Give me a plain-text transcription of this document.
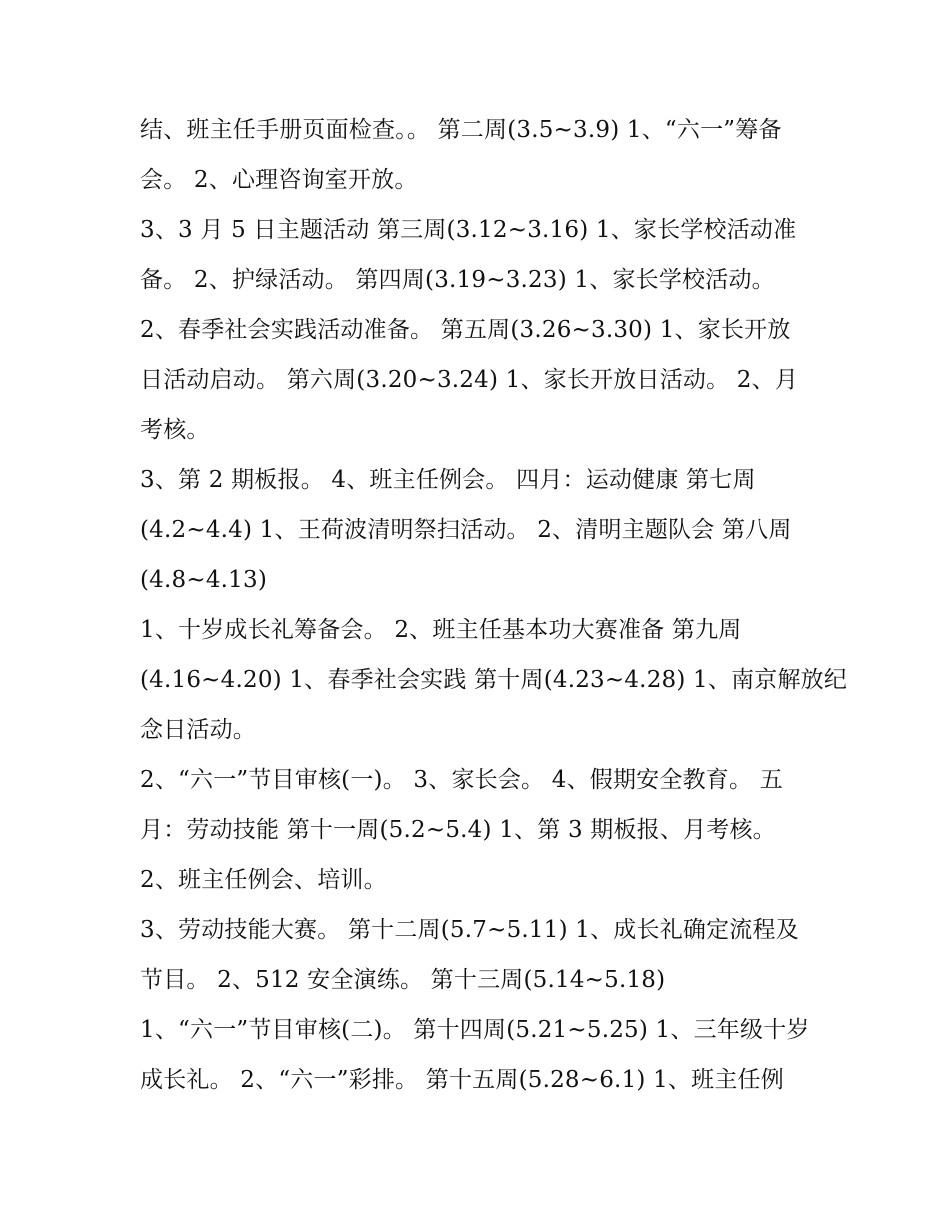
结、班主任手册页面检查。。 第二周(3.5~3.9) 1、“六一”筹备
会。 2、心理咨询室开放。
3、3 月 5 日主题活动 第三周(3.12~3.16) 1、家长学校活动准
备。 2、护绿活动。 第四周(3.19~3.23) 1、家长学校活动。
2、春季社会实践活动准备。 第五周(3.26~3.30) 1、家长开放
日活动启动。 第六周(3.20~3.24) 1、家长开放日活动。 2、月
考核。
3、第 2 期板报。 4、班主任例会。 四月：运动健康 第七周
(4.2~4.4) 1、王荷波清明祭扫活动。 2、清明主题队会 第八周
(4.8~4.13)
1、十岁成长礼筹备会。 2、班主任基本功大赛准备 第九周
(4.16~4.20) 1、春季社会实践 第十周(4.23~4.28) 1、南京解放纪
念日活动。
2、“六一”节目审核(一)。 3、家长会。 4、假期安全教育。 五
月：劳动技能 第十一周(5.2~5.4) 1、第 3 期板报、月考核。
2、班主任例会、培训。
3、劳动技能大赛。 第十二周(5.7~5.11) 1、成长礼确定流程及
节目。 2、512 安全演练。 第十三周(5.14~5.18)
1、“六一”节目审核(二)。 第十四周(5.21~5.25) 1、三年级十岁
成长礼。 2、“六一”彩排。 第十五周(5.28~6.1) 1、班主任例
